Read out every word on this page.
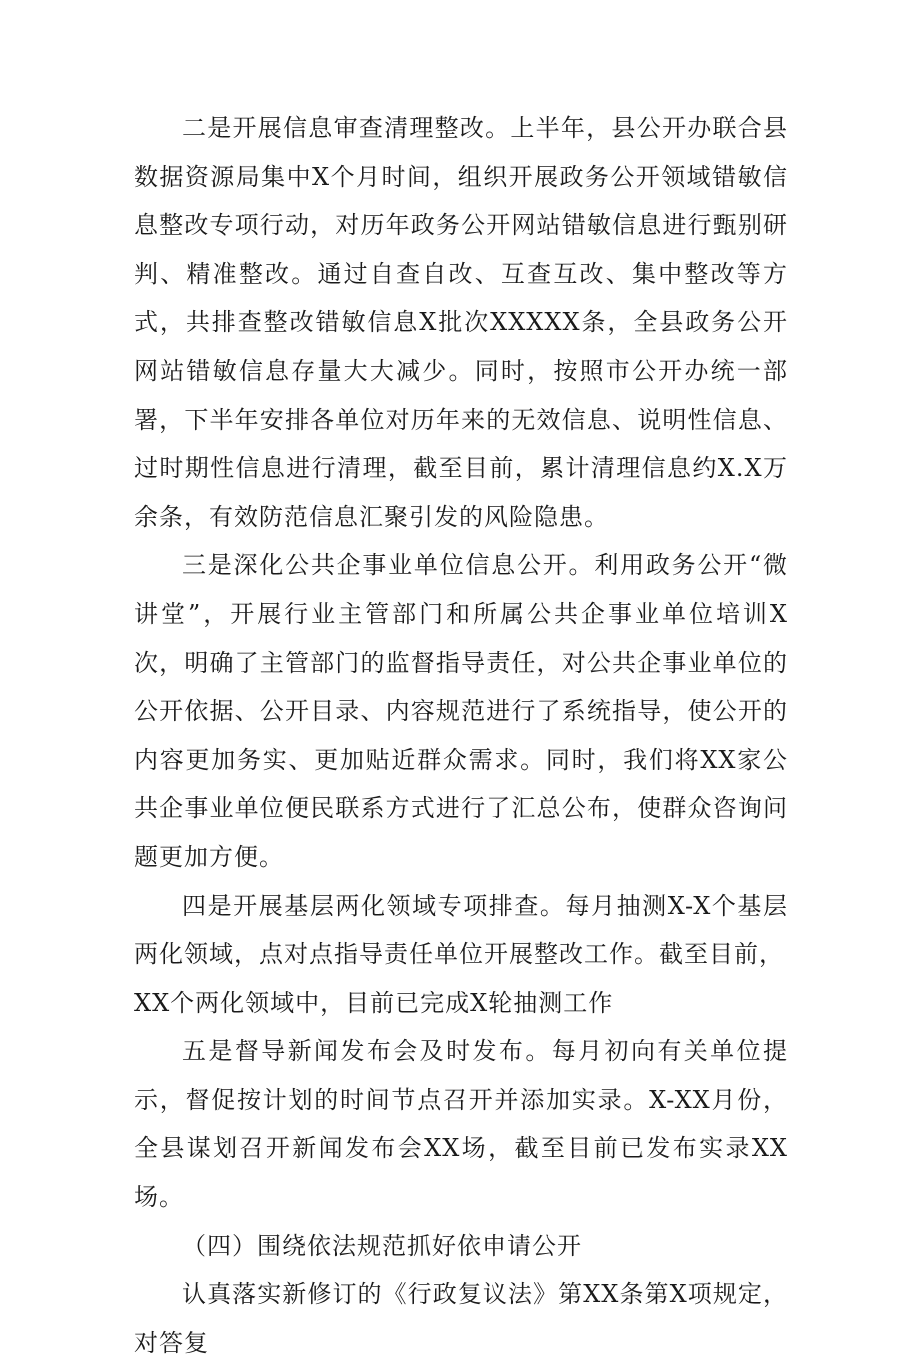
二是开展信息审查清理整改。上半年，县公开办联合县数据资源局集中X个月时间，组织开展政务公开领域错敏信息整改专项行动，对历年政务公开网站错敏信息进行甄别研判、精准整改。通过自查自改、互查互改、集中整改等方式，共排查整改错敏信息X批次XXXXX条，全县政务公开网站错敏信息存量大大减少。同时，按照市公开办统一部署，下半年安排各单位对历年来的无效信息、说明性信息、过时期性信息进行清理，截至目前，累计清理信息约X.X万余条，有效防范信息汇聚引发的风险隐患。

三是深化公共企事业单位信息公开。利用政务公开“微讲堂”，开展行业主管部门和所属公共企事业单位培训X次，明确了主管部门的监督指导责任，对公共企事业单位的公开依据、公开目录、内容规范进行了系统指导，使公开的内容更加务实、更加贴近群众需求。同时，我们将XX家公共企事业单位便民联系方式进行了汇总公布，使群众咨询问题更加方便。

四是开展基层两化领域专项排查。每月抽测X-X个基层两化领域，点对点指导责任单位开展整改工作。截至目前，

XX个两化领域中，目前已完成X轮抽测工作

五是督导新闻发布会及时发布。每月初向有关单位提示，督促按计划的时间节点召开并添加实录。X-XX月份，全县谋划召开新闻发布会XX场，截至目前已发布实录XX场。

（四）围绕依法规范抓好依申请公开

认真落实新修订的《行政复议法》第XX条第X项规定，对答复
